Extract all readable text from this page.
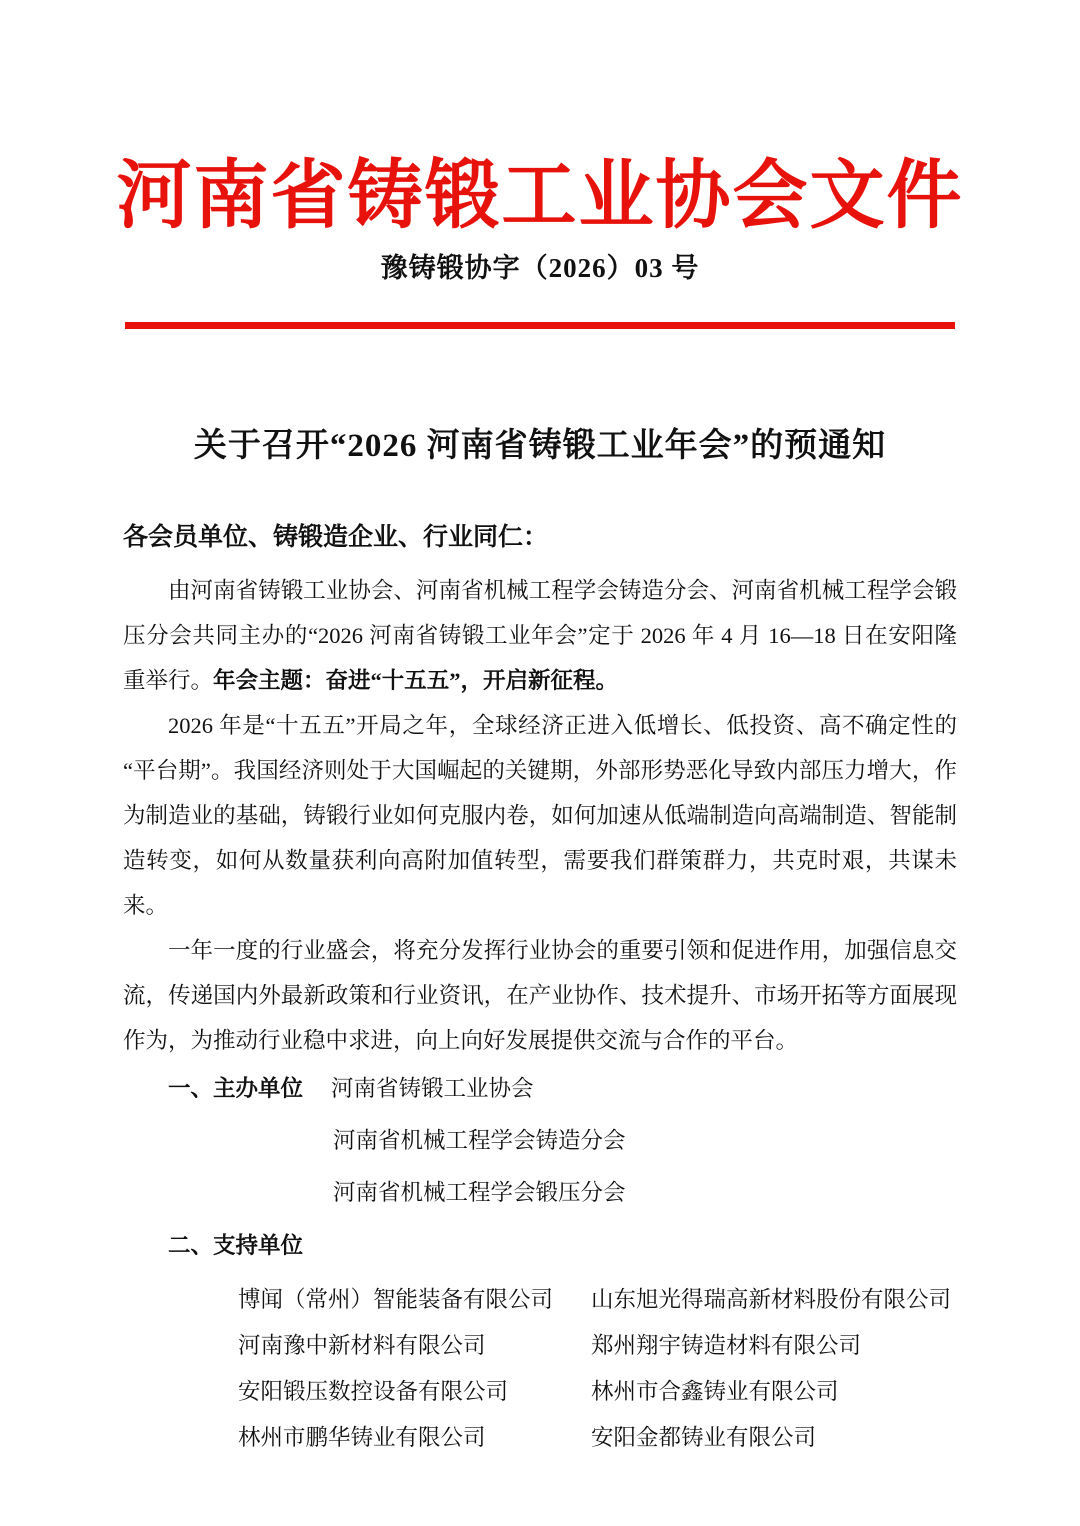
河南省铸锻工业协会文件
豫铸锻协字（2026）03 号
关于召开“2026 河南省铸锻工业年会”的预通知
各会员单位、铸锻造企业、行业同仁：

由河南省铸锻工业协会、河南省机械工程学会铸造分会、河南省机械工程学会锻压分会共同主办的“2026 河南省铸锻工业年会”定于 2026 年 4 月 16—18 日在安阳隆重举行。年会主题：奋进“十五五”，开启新征程。

2026 年是“十五五”开局之年，全球经济正进入低增长、低投资、高不确定性的“平台期”。我国经济则处于大国崛起的关键期，外部形势恶化导致内部压力增大，作为制造业的基础，铸锻行业如何克服内卷，如何加速从低端制造向高端制造、智能制造转变，如何从数量获利向高附加值转型，需要我们群策群力，共克时艰，共谋未来。

一年一度的行业盛会，将充分发挥行业协会的重要引领和促进作用，加强信息交流，传递国内外最新政策和行业资讯，在产业协作、技术提升、市场开拓等方面展现作为，为推动行业稳中求进，向上向好发展提供交流与合作的平台。

一、主办单位 河南省铸锻工业协会
河南省机械工程学会铸造分会
河南省机械工程学会锻压分会
二、支持单位
博闻（常州）智能装备有限公司 山东旭光得瑞高新材料股份有限公司
河南豫中新材料有限公司	郑州翔宇铸造材料有限公司
安阳锻压数控设备有限公司	林州市合鑫铸业有限公司
林州市鹏华铸业有限公司	安阳金都铸业有限公司
